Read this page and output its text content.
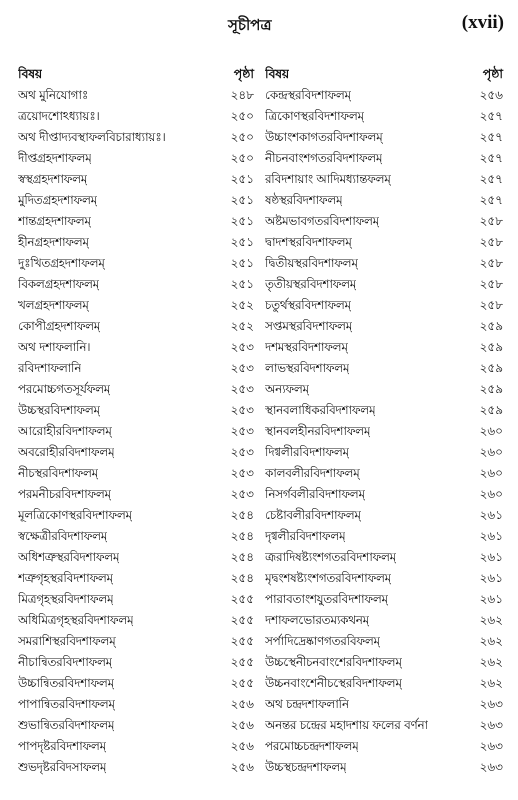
সূচীপত্র	(xvii)
বিষয়	পৃষ্ঠা
অথ মুনিযোগাঃ	২৪৮
ত্রয়োদশোঽধ্যায়ঃ।	২৫০
অথ দীপ্তাদ্যবস্থাফলবিচারাধ্যায়ঃ।	২৫০
দীপ্তগ্রহদশাফলম্	২৫০
স্বস্থগ্রহদশাফলম্	২৫১
মুদিতগ্রহদশাফলম্	২৫১
শান্তগ্রহদশাফলম্	২৫১
হীনগ্রহদশাফলম্	২৫১
দুঃখিতগ্রহদশাফলম্	২৫১
বিকলগ্রহদশাফলম্	২৫১
খলগ্রহদশাফলম্	২৫২
কোপীগ্রহদশাফলম্	২৫২
অথ দশাফলানি।	২৫৩
রবিদশাফলানি	২৫৩
পরমোচ্চগতসূর্যফলম্	২৫৩
উচ্চস্থরবিদশাফলম্	২৫৩
আরোহীরবিদশাফলম্	২৫৩
অবরোহীরবিদশাফলম্	২৫৩
নীচস্থরবিদশাফলম্	২৫৩
পরমনীচরবিদশাফলম্	২৫৩
মূলত্রিকোণস্থরবিদশাফলম্	২৫৪
স্বক্ষেত্রীরবিদশাফলম্	২৫৪
অধিশত্রুস্থরবিদশাফলম্	২৫৪
শত্রুগৃহস্থরবিদশাফলম্	২৫৪
মিত্রগৃহস্থরবিদশাফলম্	২৫৫
অধিমিত্রগৃহস্থরবিদশাফলম্	২৫৫
সমরাশিস্থরবিদশাফলম্	২৫৫
নীচান্বিতরবিদশাফলম্	২৫৫
উচ্চান্বিতরবিদশাফলম্	২৫৫
পাপান্বিতরবিদশাফলম্	২৫৬
শুভান্বিতরবিদশাফলম্	২৫৬
পাপদৃষ্টরবিদশাফলম্	২৫৬
শুভদৃষ্টরবিদসাফলম্	২৫৬
বিষয়	পৃষ্ঠা
কেন্দ্রস্থরবিদশাফলম্	২৫৬
ত্রিকোণস্থরবিদশাফলম্	২৫৭
উচ্চাংশকাগতরবিদশাফলম্	২৫৭
নীচনবাংশগতরবিদশাফলম্	২৫৭
রবিদশায়াং আদিমধ্যান্তফলম্	২৫৭
ষষ্ঠস্থরবিদশাফলম্	২৫৭
অষ্টমভাবগতরবিদশাফলম্	২৫৮
দ্বাদশস্থরবিদশাফলম্	২৫৮
দ্বিতীয়স্থরবিদশাফলম্	২৫৮
তৃতীয়স্থরবিদশাফলম্	২৫৮
চতুর্থস্থরবিদশাফলম্	২৫৮
সপ্তমস্থরবিদশাফলম্	২৫৯
দশমস্থরবিদশাফলম্	২৫৯
লাভস্থরবিদশাফলম্	২৫৯
অন্যফলম্	২৫৯
স্থানবলাধিকরবিদশাফলম্	২৫৯
স্থানবলহীনরবিদশাফলম্	২৬০
দিগ্বলীরবিদশাফলম্	২৬০
কালবলীরবিদশাফলম্	২৬০
নিসর্গবলীরবিদশাফলম্	২৬০
চেষ্টাবলীরবিদশাফলম্	২৬১
দৃগ্বলীরবিদশাফলম্	২৬১
ত্রূরাদিষষ্ট্যংশগতরবিদশাফলম্	২৬১
মৃদ্বংশষষ্ট্যংশগতরবিদশাফলম্	২৬১
পারাবতাংশযুতরবিদশাফলম্	২৬১
দশাফলভোরতম্যকথনম্	২৬২
সর্পাদিদ্রেষ্কাণগতরবিফলম্	২৬২
উচ্চস্থেনীচনবাংশেরবিদশাফলম্	২৬২
উচ্চনবাংশেনীচস্থেরবিদশাফলম্	২৬২
অথ চন্দ্রদশাফলানি	২৬৩
অনন্তর চন্দ্রের মহাদশায় ফলের বর্ণনা	২৬৩
পরমোচ্চচন্দ্রদশাফলম্	২৬৩
উচ্চস্থচন্দ্রদশাফলম্	২৬৩
